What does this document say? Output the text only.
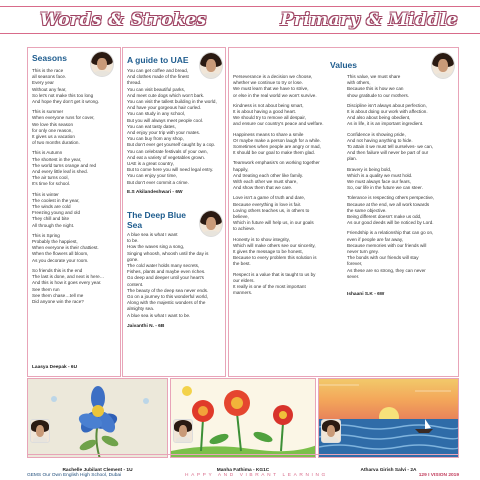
Words & Strokes	Primary & Middle
Seasons

This is the race
all seasons face.
Every year
Without any fear,
So let's not make this too long
And hope they don't get it wrong.

This is summer
When everyone runs for cover,
We love this season
for only one reason,
It gives us a vacation
of two months duration.

This is Autumn
The shortest in the year,
The world turns orange and red
And every little leaf is shed.
The air turns cool,
It's time for school.

This is winter
The coolest in the year,
The winds are cold
Freezing young and old
They chill and bite
All through the night.

This is Spring
Probably the happiest,
When everyone is their chattiest.
When the flowers all bloom,
As you decorate your room.

So friends this is the end
The last is done, and next is here…
And this is how it goes every year.
See them run
See them chase…tell me
Did anyone win the race?

Laasya Deepak - 6U
A guide to UAE
You can get coffee and bread,
And clothes made of the finest
thread.
You can visit beautiful parks,
And meet cute dogs which won't bark.
You can visit the tallest building in the world,
And have your gorgeous hair curled.
You can study in any school,
But you will always meet people cool.
You can eat tasty dates,
And enjoy your trip with your mates.
You can buy from any shop,
But don't ever get yourself caught by a cop.
You can celebrate festivals of your own,
And eat a variety of vegetables grown.
UAE is a great country,
But to come here you will need legal entry.
You can enjoy your time,
But don't ever commit a crime.

E.S Akilandeshwari - 6W
The Deep Blue Sea
A blue sea is what I want
to be.
How the waves sing a song,
Singing whoosh, whoosh until the day is
gone.
The cold water holds many secrets,
Fishes, plants and maybe even riches.
Go deep and deeper until your heart's
content.
The beauty of the deep sea never ends.
Go on a journey to this wonderful world,
Along with the majestic wonders of the
almighty sea.
A blue sea is what I want to be.

Jaivanthi N. - 6B
Values

Perseverance is a decision we choose,
whether we continue to try or lose.
We must learn that we have to strive,
or else in the real world we won't survive.

Kindness is not about being smart,
It is about having a good heart.
We should try to remove all despair,
and ensure our country's peace and welfare.

Happiness means to share a smile
Or maybe make a person laugh for a while.
Sometimes when people are angry or mad,
It should be our goal to make them glad.

Teamwork emphasis's on working together
happily,
And treating each other like family.
With each other we must share,
And show them that we care.

Love isn't a game of truth and dare,
Because everything in love is fair.
Loving others teaches us, in others to
believe,
Which in future will help us, in our goals
to achieve.

Honesty is to show integrity,
Which will make others see our sincerity,
It gives the message to be honest,
Because to every problem this solution is
the best.

Respect is a value that is taught to us by
our elders.
It really is one of the most important
manners.

This value, we must share
with others,
Because this is how we can
show gratitude to our mothers.

Discipline isn't always about perfection,
It is about doing our work with affection.
And also about being obedient,
As in life, it is an important ingredient.

Confidence is showing pride,
And not having anything to hide.
To attain it we must tell ourselves- we can,
And then failure will never be part of our
plan.

Bravery is being bold,
Which is a quality we must hold.
We must always face our fears,
So, our life in the future we can steer.

Tolerance is respecting others perspective,
Because at the end, we all work towards
the same objective.
Being different doesn't make us odd,
As our good deeds will be noticed by Lord.

Friendship is a relationship that can go on,
even if people are far away,
Because memories with our friends will
never turn grey.
The bonds with our friends will stay
forever,
As these are so strong, they can never
sever.

Ishaani S.K - 6W
Rachelle Jubilant Clement - 1U	Manha Fathima - KG1C	Atharva Girish Salvi - 2A
GEMS Our Own English High School, Dubai	HAPPY AND VIBRANT LEARNING	129 I VISION 2019
